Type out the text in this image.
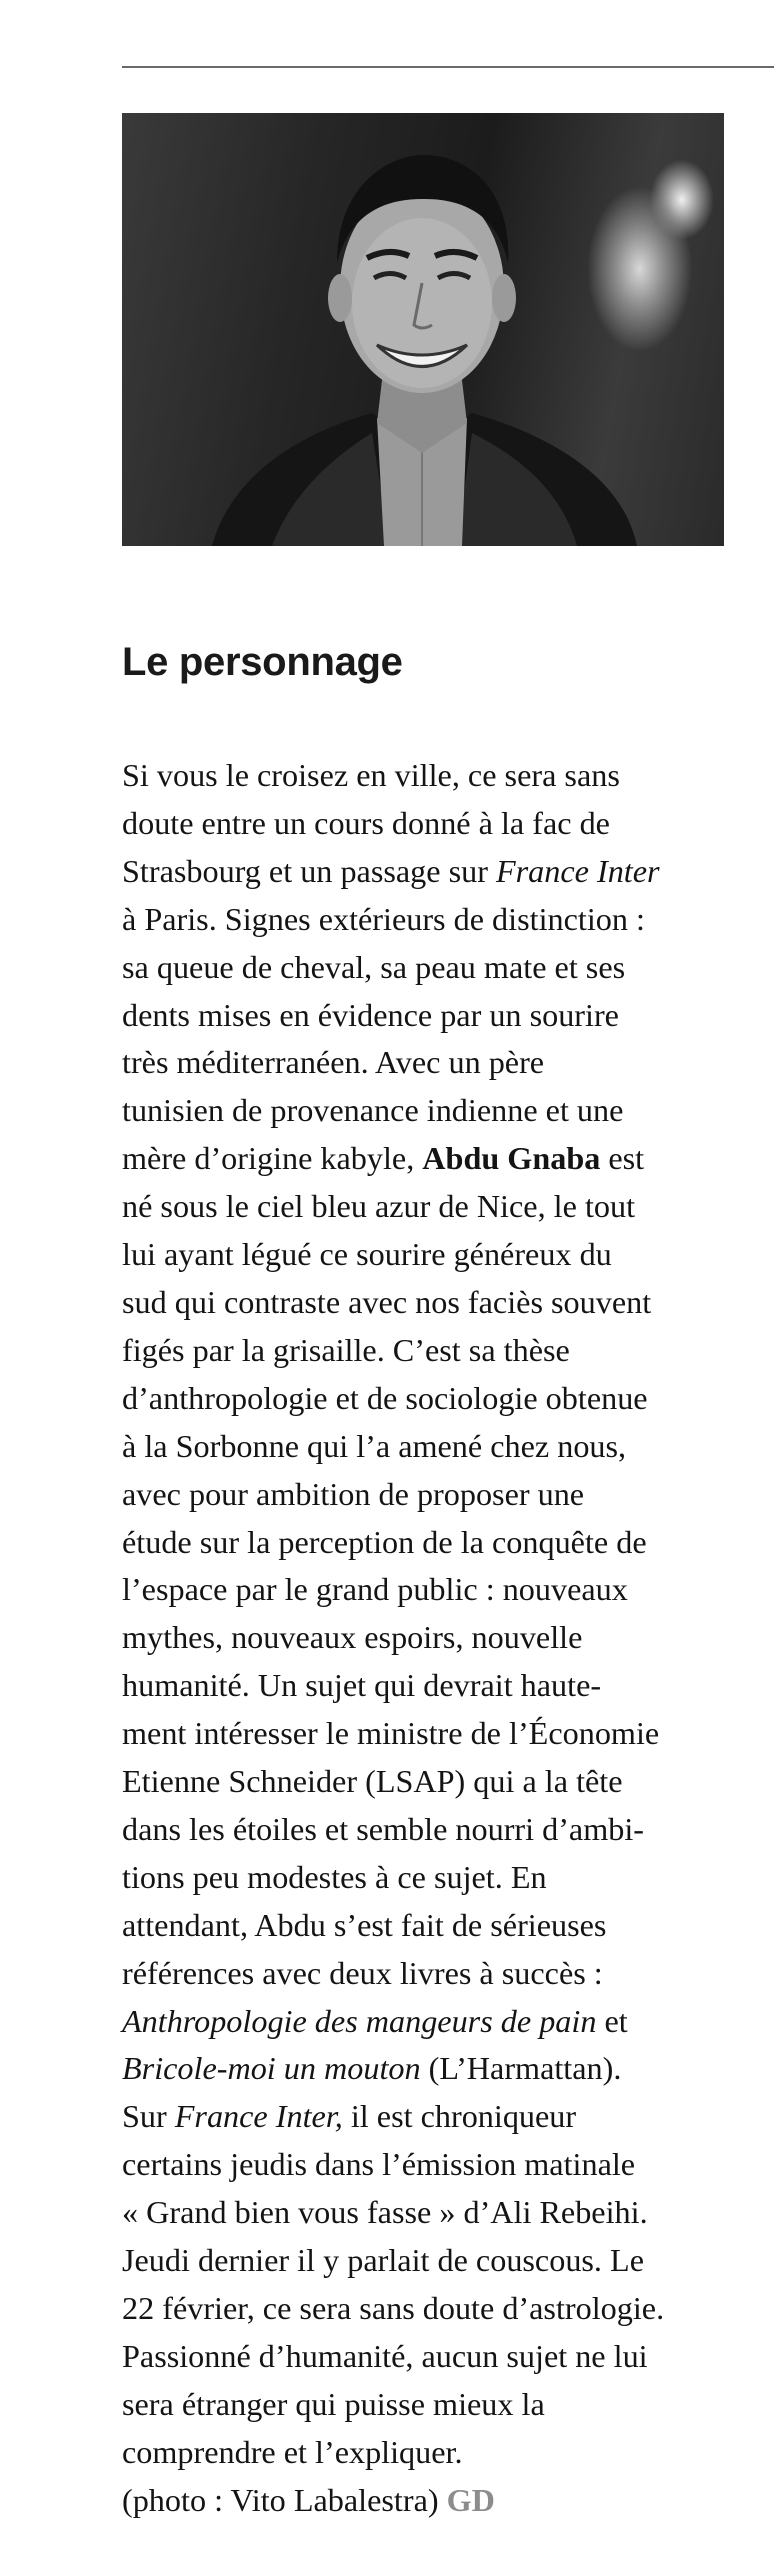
Le personnage
Si vous le croisez en ville, ce sera sans
doute entre un cours donné à la fac de
Strasbourg et un passage sur France Inter
à Paris. Signes extérieurs de distinction :
sa queue de cheval, sa peau mate et ses
dents mises en évidence par un sourire
très méditerranéen. Avec un père
tunisien de provenance indienne et une
mère d’origine kabyle, Abdu Gnaba est
né sous le ciel bleu azur de Nice, le tout
lui ayant légué ce sourire généreux du
sud qui contraste avec nos faciès souvent
figés par la grisaille. C’est sa thèse
d’anthropologie et de sociologie obtenue
à la Sorbonne qui l’a amené chez nous,
avec pour ambition de proposer une
étude sur la perception de la conquête de
l’espace par le grand public : nouveaux
mythes, nouveaux espoirs, nouvelle
humanité. Un sujet qui devrait haute-
ment intéresser le ministre de l’Économie
Etienne Schneider (LSAP) qui a la tête
dans les étoiles et semble nourri d’ambi-
tions peu modestes à ce sujet. En
attendant, Abdu s’est fait de sérieuses
références avec deux livres à succès :
Anthropologie des mangeurs de pain et
Bricole-moi un mouton (L’Harmattan).
Sur France Inter, il est chroniqueur
certains jeudis dans l’émission matinale
« Grand bien vous fasse » d’Ali Rebeihi.
Jeudi dernier il y parlait de couscous. Le
22 février, ce sera sans doute d’astrologie.
Passionné d’humanité, aucun sujet ne lui
sera étranger qui puisse mieux la
comprendre et l’expliquer.
(photo : Vito Labalestra) GD
